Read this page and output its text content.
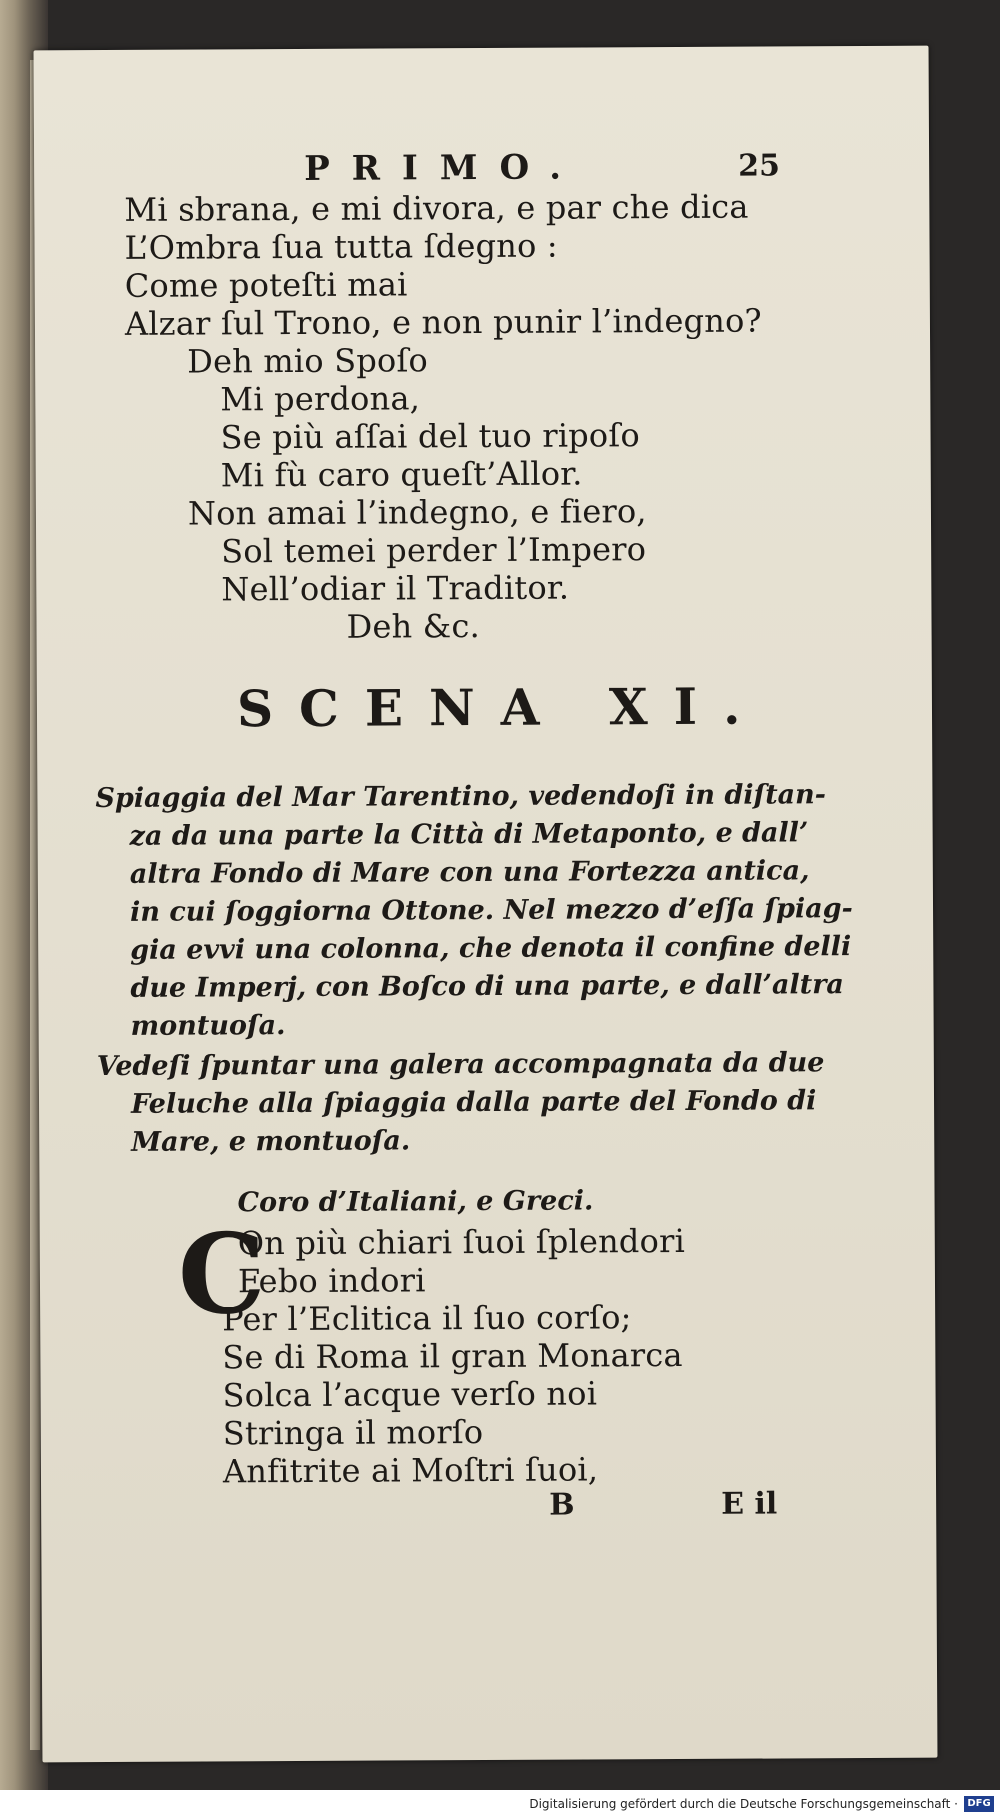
PRIMO.	25
Mi sbrana, e mi divora, e par che dica
L’Ombra ſua tutta ſdegno :
Come poteſti mai
Alzar ſul Trono, e non punir l’indegno?
Deh mio Spoſo
Mi perdona,
Se più aſſai del tuo ripoſo
Mi fù caro queſt’Allor.
Non amai l’indegno, e fiero,
Sol temei perder l’Impero
Nell’odiar il Traditor.
Deh &c.
SCENA XI.
Spiaggia del Mar Tarentino, vedendoſi in diſtan-
za da una parte la Città di Metaponto, e dall’
altra Fondo di Mare con una Fortezza antica,
in cui ſoggiorna Ottone. Nel mezzo d’eſſa ſpiag-
gia evvi una colonna, che denota il confine delli
due Imperj, con Boſco di una parte, e dall’altra
montuoſa.
Vedeſi ſpuntar una galera accompagnata da due
Feluche alla ſpiaggia dalla parte del Fondo di
Mare, e montuoſa.
Coro d’Italiani, e Greci.
C
On più chiari ſuoi ſplendori
Febo indori
Per l’Eclitica il ſuo corſo;
Se di Roma il gran Monarca
Solca l’acque verſo noi
Stringa il morſo
Anfitrite ai Moſtri ſuoi,
B	E il
Digitalisierung gefördert durch die Deutsche Forschungsgemeinschaft · DFG
